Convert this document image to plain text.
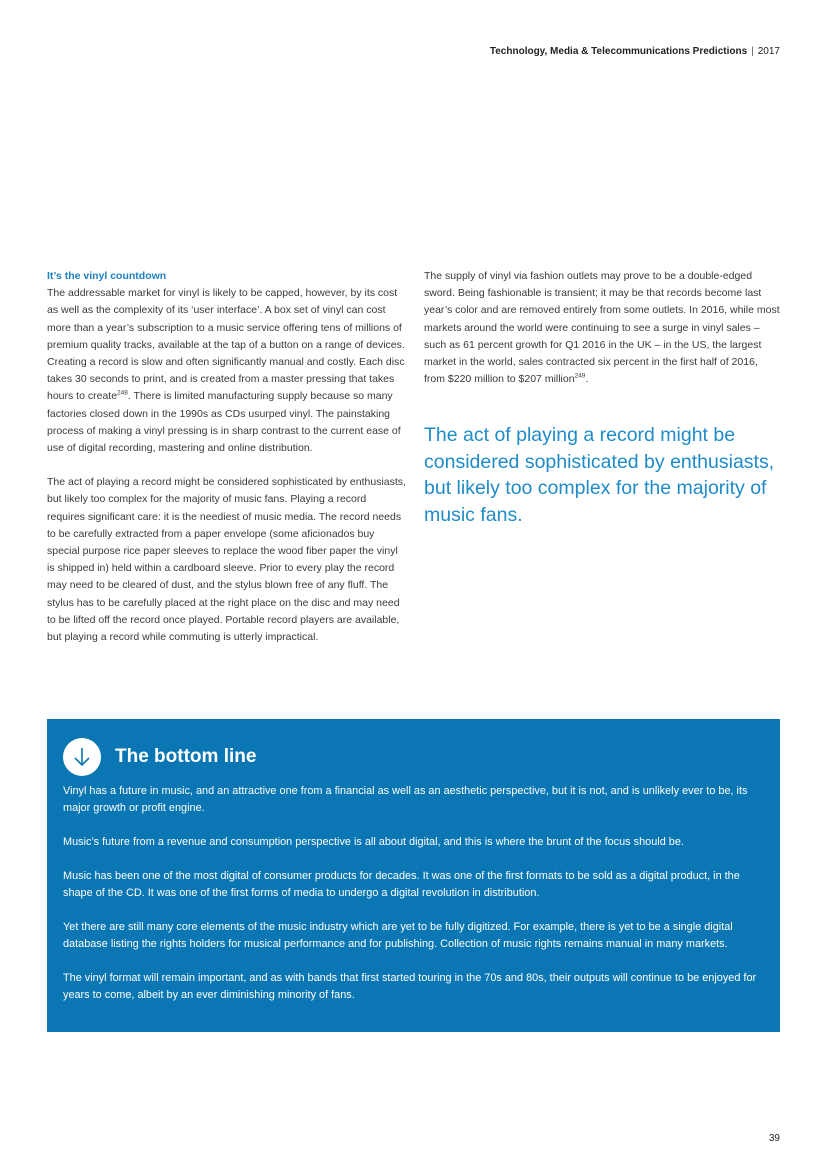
Technology, Media & Telecommunications Predictions | 2017

It’s the vinyl countdown

The addressable market for vinyl is likely to be capped, however, by its cost as well as the complexity of its ‘user interface’. A box set of vinyl can cost more than a year’s subscription to a music service offering tens of millions of premium quality tracks, available at the tap of a button on a range of devices. Creating a record is slow and often significantly manual and costly. Each disc takes 30 seconds to print, and is created from a master pressing that takes hours to create$^{248}$. There is limited manufacturing supply because so many factories closed down in the 1990s as CDs usurped vinyl. The painstaking process of making a vinyl pressing is in sharp contrast to the current ease of use of digital recording, mastering and online distribution.

The act of playing a record might be considered sophisticated by enthusiasts, but likely too complex for the majority of music fans. Playing a record requires significant care: it is the neediest of music media. The record needs to be carefully extracted from a paper envelope (some aficionados buy special purpose rice paper sleeves to replace the wood fiber paper the vinyl is shipped in) held within a cardboard sleeve. Prior to every play the record may need to be cleared of dust, and the stylus blown free of any fluff. The stylus has to be carefully placed at the right place on the disc and may need to be lifted off the record once played. Portable record players are available, but playing a record while commuting is utterly impractical.

The supply of vinyl via fashion outlets may prove to be a double-edged sword. Being fashionable is transient; it may be that records become last year’s color and are removed entirely from some outlets. In 2016, while most markets around the world were continuing to see a surge in vinyl sales – such as 61 percent growth for Q1 2016 in the UK – in the US, the largest market in the world, sales contracted six percent in the first half of 2016, from $220 million to $207 million$^{249}$.

The act of playing a record might be considered sophisticated by enthusiasts, but likely too complex for the majority of music fans.
The bottom line

Vinyl has a future in music, and an attractive one from a financial as well as an aesthetic perspective, but it is not, and is unlikely ever to be, its major growth or profit engine.

Music’s future from a revenue and consumption perspective is all about digital, and this is where the brunt of the focus should be.

Music has been one of the most digital of consumer products for decades. It was one of the first formats to be sold as a digital product, in the shape of the CD. It was one of the first forms of media to undergo a digital revolution in distribution.

Yet there are still many core elements of the music industry which are yet to be fully digitized. For example, there is yet to be a single digital database listing the rights holders for musical performance and for publishing. Collection of music rights remains manual in many markets.

The vinyl format will remain important, and as with bands that first started touring in the 70s and 80s, their outputs will continue to be enjoyed for years to come, albeit by an ever diminishing minority of fans.

39
